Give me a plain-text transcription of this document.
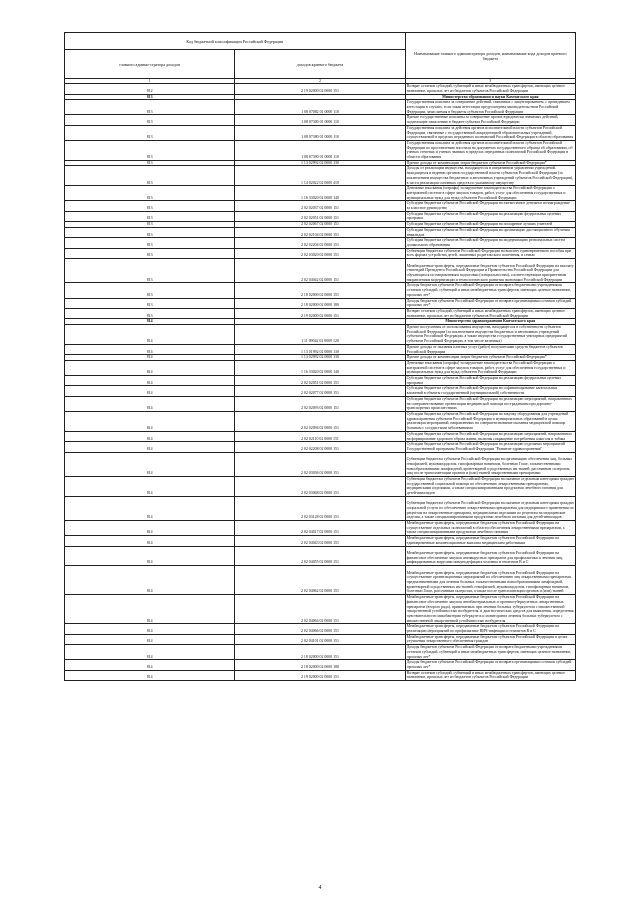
Код бюджетной классификации Российской Федерации		Наименование главного администратора доходов, наименование кода доходов краевого бюджета
главного админи-стратора доходов	доходов краевого бюджета	
1	2	3
812	2 19 02000 02 0000 151	Возврат остатков субсидий, субвенций и иных межбюджетных трансфертов, имеющих целевое назначение, прошлых лет из бюджетов субъектов Российской Федерации
813		Министерство образования и науки Камчатского края
813	1 08 07082 01 0000 110	Государственная пошлина за совершение действий, связанных с лицензированием, с проведением аттестации в случаях, если такая аттестация предусмотрена законодательством Российской Федерации, зачисляемая в бюджеты субъектов Российской Федерации
813	1 08 07300 01 0000 110	Прочие государственные пошлины за совершение прочих юридически значимых действий, подлежащие зачислению в бюджет субъекта Российской Федерации
813	1 08 07380 01 0000 110	Государственная пошлина за действия органов исполнительной власти субъектов Российской Федерации, связанные с государственной аккредитацией образовательных учреждений, осуществляемой в пределах переданных полномочий Российской Федерации в области образования
813	1 08 07390 01 0000 110	Государственная пошлина за действия органов исполнительной власти субъектов Российской Федерации по проставлению апостиля на документах государственного образца об образовании, об ученых степенях и ученых званиях в пределах переданных полномочий Российской Федерации в области образования
813	1 13 02992 02 0000 130	Прочие доходы от компенсации затрат бюджетов субъектов Российской Федерации*
813	1 14 02022 02 0000 410	Доходы от реализации имущества, находящегося в оперативном управлении учреждений, находящихся в ведении органов государственной власти субъектов Российской Федерации (за исключением имущества бюджетных и автономных учреждений субъектов Российской Федерации), в части реализации основных средств по указанному имуществу
813	1 16 33020 02 0000 140	Денежные взыскания (штрафы) за нарушение законодательства Российской Федерации о контрактной системе в сфере закупок товаров, работ, услуг для обеспечения государственных и муниципальных нужд для нужд субъектов Российской Федерации
813	2 02 02037 02 0000 151	Субсидии бюджетам субъектов Российской Федерации на ежемесячное денежное вознаграждение за классное руководство
813	2 02 02051 02 0000 151	Субсидии бюджетам субъектов Российской Федерации на реализацию федеральных целевых программ
813	2 02 02067 02 0000 151	Субсидии бюджетам субъектов Российской Федерации на поощрение лучших учителей
813	2 02 02104 02 0000 151	Субсидии бюджетам субъектов Российской Федерации на организацию дистанционного обучения инвалидов
813	2 02 02204 02 0000 151	Субсидии бюджетам субъектов Российской Федерации на модернизацию региональных систем дошкольного образования
813	2 02 03020 02 0000 151	Субвенции бюджетам субъектов Российской Федерации на выплату единовременного пособия при всех формах устройства детей, лишенных родительского попечения, в семью
813	2 02 04042 02 0000 151	Межбюджетные трансферты, передаваемые бюджетам субъектов Российской Федерации на выплату стипендий Президента Российской Федерации и Правительства Российской Федерации для обучающихся по направлениям подготовки (специальностям), соответствующим приоритетным направлениям модернизации и технологического развития экономики Российской Федерации
813	2 18 02000 02 0000 151	Доходы бюджетов субъектов Российской Федерации от возврата бюджетными учреждениями остатков субсидий, субвенций и иных межбюджетных трансфертов, имеющих целевое назначение, прошлых лет*
813	2 18 02000 02 0000 180	Доходы бюджетов субъектов Российской Федерации от возврата организациями остатков субсидий прошлых лет*
813	2 19 02000 02 0000 151	Возврат остатков субсидий, субвенций и иных межбюджетных трансфертов, имеющих целевое назначение, прошлых лет из бюджетов субъектов Российской Федерации
814		Министерство здравоохранения Камчатского края
814	1 11 09042 02 0000 120	Прочие поступления от использования имущества, находящегося в собственности субъектов Российской Федерации (за исключением имущества бюджетных и автономных учреждений субъектов Российской Федерации, а также имущества государственных унитарных предприятий субъектов Российской Федерации, в том числе казенных)
814	1 13 01992 02 0000 130	Прочие доходы от оказания платных услуг (работ) получателями средств бюджетов субъектов Российской Федерации
814	1 13 02992 02 0000 130	Прочие доходы от компенсации затрат бюджетов субъектов Российской Федерации*
814	1 16 33020 02 0000 140	Денежные взыскания (штрафы) за нарушение законодательства Российской Федерации о контрактной системе в сфере закупок товаров, работ, услуг для обеспечения государственных и муниципальных нужд для нужд субъектов Российской Федерации
814	2 02 02051 02 0000 151	Субсидии бюджетам субъектов Российской Федерации на реализацию федеральных целевых программ
814	2 02 02077 02 0000 151	Субсидии бюджетам субъектов Российской Федерации на софинансирование капитальных вложений в объекты государственной (муниципальной) собственности
814	2 02 02093 02 0000 151	Субсидии бюджетам субъектов Российской Федерации на реализацию мероприятий, направленных на совершенствование организации медицинской помощи пострадавшим при дорожно-транспортных происшествиях
814	2 02 02094 02 0000 151	Субсидии бюджетам субъектов Российской Федерации на закупку оборудования для учреждений здравоохранения субъектов Российской Федерации и муниципальных образований в целях реализации мероприятий, направленных на совершенствование оказания медицинской помощи больным с сосудистыми заболеваниями
814	2 02 02110 02 0000 151	Субсидии бюджетам субъектов Российской Федерации на реализацию мероприятий, направленных на формирование здорового образа жизни, включая сокращение потребления алкоголя и табака
814	2 02 02208 02 0000 151	Субсидии бюджетам субъектов Российской Федерации на реализацию отдельных мероприятий Государственной программы Российской Федерации "Развитие здравоохранения"
814	2 02 03036 02 0000 151	Субвенции бюджетам субъектов Российской Федерации на организацию обеспечения лиц, больных гемофилией, муковисцидозом, гипофизарным нанизмом, болезнью Гоше, злокачественными новообразованиями лимфоидной, кроветворной и родственных им тканей, рассеянным склерозом, лиц после трансплантации органов и (или) тканей лекарственными препаратами
814	2 02 03068 02 0000 151	Субвенции бюджетам субъектов Российской Федерации на оказание отдельным категориям граждан государственной социальной помощи по обеспечению лекарственными препаратами, медицинскими изделиями, а также специализированными продуктами лечебного питания для детей-инвалидов
814	2 02 03128 02 0000 151	Субвенции бюджетам субъектов Российской Федерации на оказание отдельным категориям граждан социальной услуги по обеспечению лекарственными препаратами для медицинского применения по рецептам на лекарственные препараты, медицинскими изделиями по рецептам на медицинские изделия, а также специализированными продуктами лечебного питания для детей-инвалидов
814	2 02 04017 02 0000 151	Межбюджетные трансферты, передаваемые бюджетам субъектов Российской Федерации на осуществление отдельных полномочий в области обеспечения лекарственными препаратами, а также специализированными продуктами лечебного питания
814	2 02 04043 02 0000 151	Межбюджетные трансферты, передаваемые бюджетам субъектов Российской Федерации на единовременные компенсационные выплаты медицинским работникам
814	2 02 04055 02 0000 151	Межбюджетные трансферты, передаваемые бюджетам субъектов Российской Федерации на финансовое обеспечение закупок антивирусных препаратов для профилактики и лечения лиц, инфицированных вирусами иммунодефицита человека и гепатитов B и C
814	2 02 04062 02 0000 151	Межбюджетные трансферты, передаваемые бюджетам субъектов Российской Федерации на осуществление организационных мероприятий по обеспечению лиц лекарственными препаратами, предназначенными для лечения больных злокачественными новообразованиями лимфоидной, кроветворной и родственных им тканей, гемофилией, муковисцидозом, гипофизарным нанизмом, болезнью Гоше, рассеянным склерозом, а также после трансплантации органов и (или) тканей
814	2 02 04064 02 0000 151	Межбюджетные трансферты, передаваемые бюджетам субъектов Российской Федерации на финансовое обеспечение закупок антибактериальных и противотуберкулезных лекарственных препаратов (второго ряда), применяемых при лечении больных туберкулезом с множественной лекарственной устойчивостью возбудителя, и диагностических средств для выявления, определения чувствительности микобактерии туберкулеза и мониторинга лечения больных туберкулезом с множественной лекарственной устойчивостью возбудителя
814	2 02 04066 02 0000 151	Межбюджетные трансферты, передаваемые бюджетам субъектов Российской Федерации на реализацию мероприятий по профилактике ВИЧ-инфекции и гепатитов B и C
814	2 02 04101 02 0000 151	Межбюджетные трансферты, передаваемые бюджетам субъектов Российской Федерации в целях улучшения лекарственного обеспечения граждан
814	2 18 02000 02 0000 151	Доходы бюджетов субъектов Российской Федерации от возврата бюджетными учреждениями остатков субсидий, субвенций и иных межбюджетных трансфертов, имеющих целевое назначение, прошлых лет*
814	2 18 02000 02 0000 180	Доходы бюджетов субъектов Российской Федерации от возврата организациями остатков субсидий прошлых лет*
814	2 19 02000 02 0000 151	Возврат остатков субсидий, субвенций и иных межбюджетных трансфертов, имеющих целевое назначение, прошлых лет из бюджетов субъектов Российской Федерации
4
